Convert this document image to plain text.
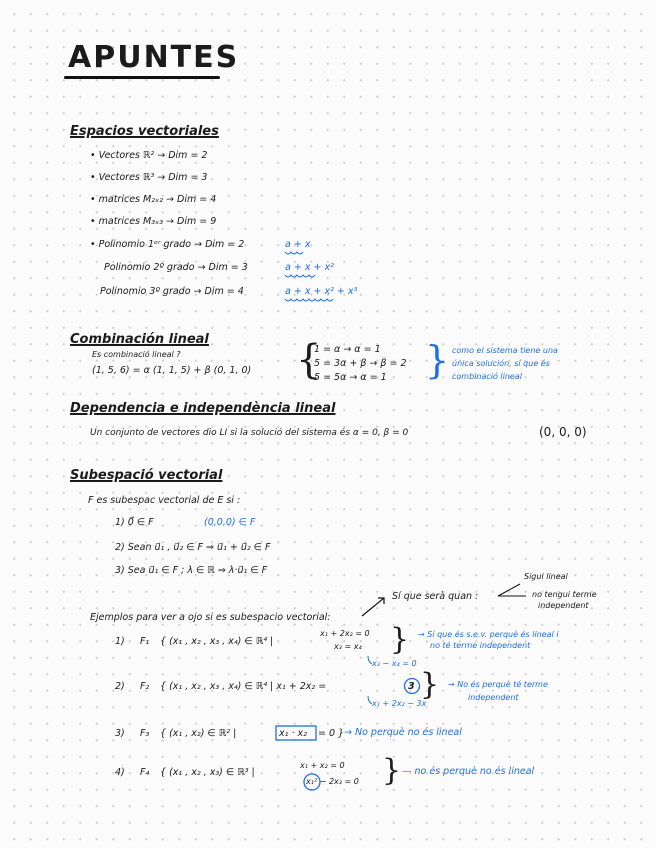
APUNTES
Espacios vectoriales
• Vectores ℝ² → Dim = 2
• Vectores ℝ³ → Dim = 3
• matrices M₂ₓ₂ → Dim = 4
• matrices M₃ₓ₃ → Dim = 9
• Polinomio 1ᵉʳ grado → Dim = 2
Polinomio 2º grado → Dim = 3
Polinomio 3º grado → Dim = 4
a + x
a + x + x²
a + x + x² + x³
Combinación lineal
Es combinació lineal ?
(1, 5, 6) = α (1, 1, 5) + β (0, 1, 0) {
1 = α → α = 1
5 = 3α + β → β = 2
5 = 5α → α = 1 } como el sistema tiene una
única solución, sí que és
combinació lineal
Dependencia e independència lineal
Un conjunto de vectores dio LI si la solució del sistema és α = 0, β = 0	(0, 0, 0)
Subespació vectorial
F es subespac vectorial de E si :
1) 0⃗ ∈ F	(0,0,0) ∈ F
2) Sean u⃗₁ , u⃗₂ ∈ F ⇒ u⃗₁ + u⃗₂ ∈ F
3) Sea u⃗₁ ∈ F ; λ ∈ ℝ ⇒ λ·u⃗₁ ∈ F
Sí que serà quan :
Sigui lineal
no tengui terme
independent
Ejemplos para ver a ojo si es subespacio vectorial:
1) F₁ { (x₁ , x₂ , x₃ , x₄) ∈ ℝ⁴ |
x₁ + 2x₂ = 0
x₃ = x₄ }
x₃ − x₄ = 0
→ Sí que és s.e.v. perquè és lineal i
no té terme independent
2) F₂ { (x₁ , x₂ , x₃ , x₄) ∈ ℝ⁴ | x₁ + 2x₂ =	3 }
x₁ + 2x₂ − 3x
→ No és perquè té terme
independent
3) F₃ { (x₁ , x₂) ∈ ℝ² |	x₁ · x₂ = 0 } → No perquè no és lineal
4) F₄ { (x₁ , x₂ , x₃) ∈ ℝ³ |
x₁ + x₂ = 0
x₁² − 2x₃ = 0 } — no és perquè no és lineal
